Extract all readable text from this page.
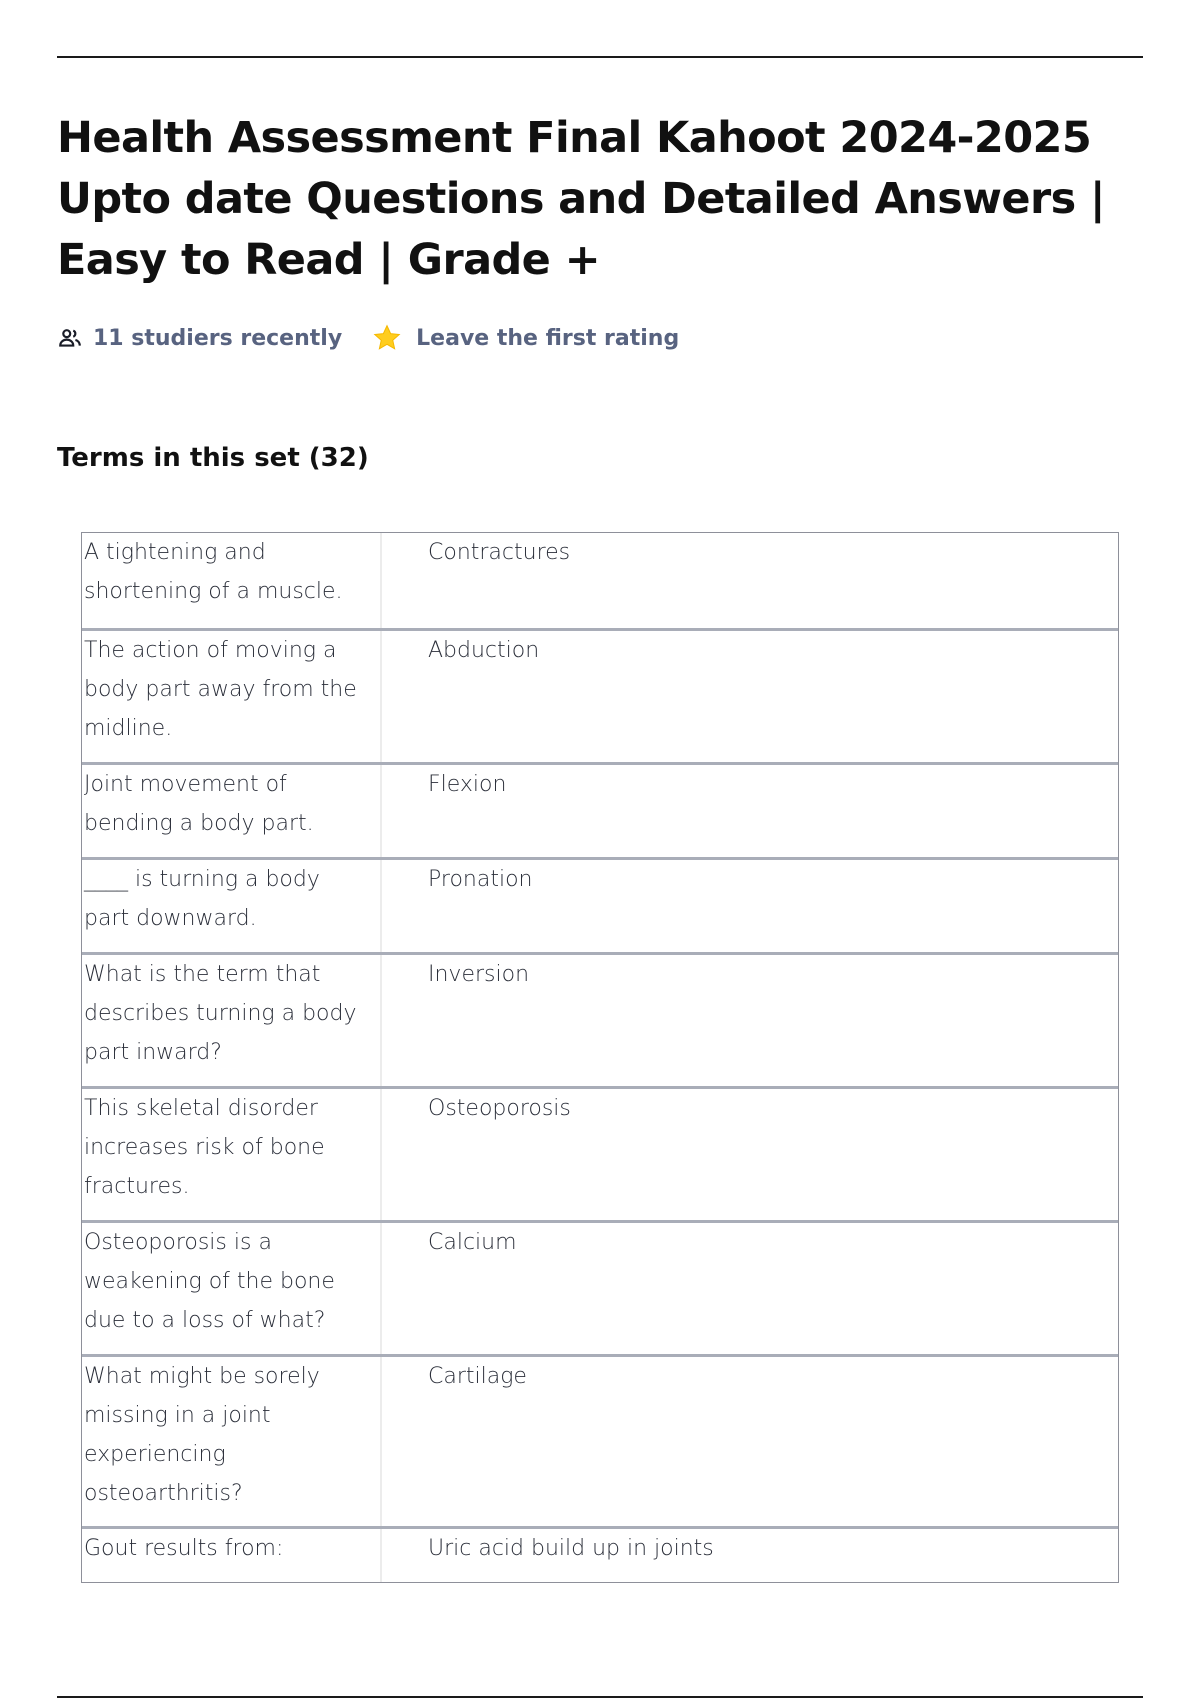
Health Assessment Final Kahoot 2024-2025 Upto date Questions and Detailed Answers | Easy to Read | Grade +
11 studiers recently	Leave the first rating
Terms in this set (32)
A tightening and shortening of a muscle.
Contractures
The action of moving a body part away from the midline.
Abduction
Joint movement of bending a body part.
Flexion
____ is turning a body part downward.
Pronation
What is the term that describes turning a body part inward?
Inversion
This skeletal disorder increases risk of bone fractures.
Osteoporosis
Osteoporosis is a weakening of the bone due to a loss of what?
Calcium
What might be sorely missing in a joint experiencing osteoarthritis?
Cartilage
Gout results from:	Uric acid build up in joints
